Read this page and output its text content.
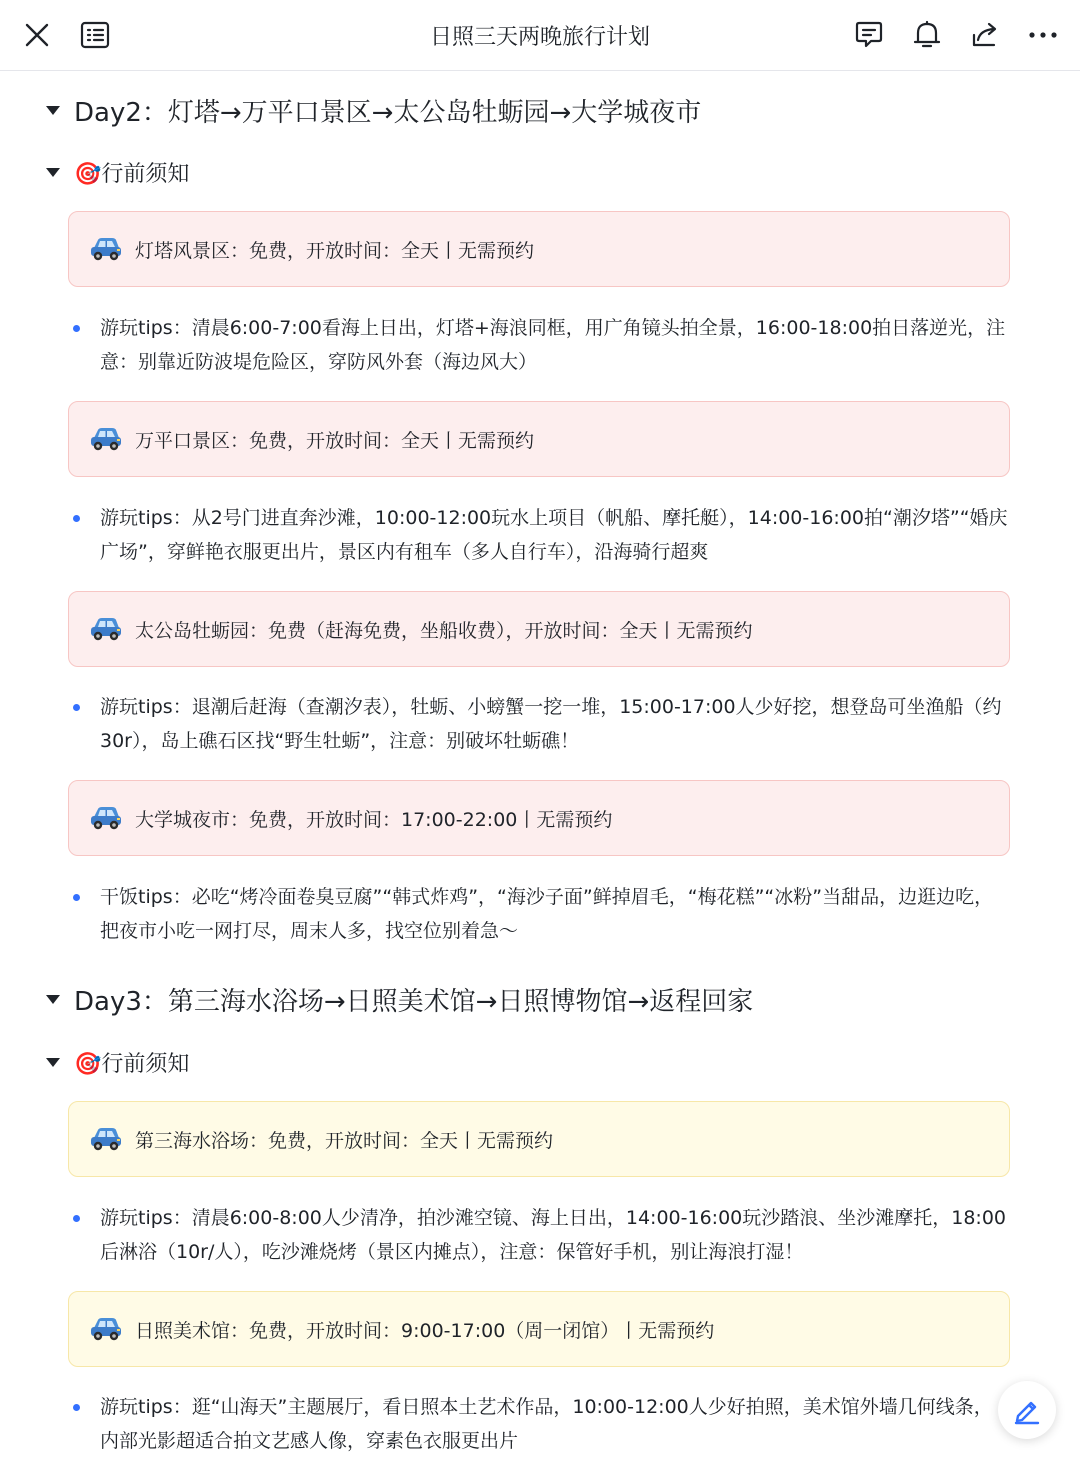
日照三天两晚旅行计划
Day2：灯塔→万平口景区→太公岛牡蛎园→大学城夜市
🎯行前须知
灯塔风景区：免费，开放时间：全天丨无需预约
游玩tips：清晨6:00-7:00看海上日出，灯塔+海浪同框，用广角镜头拍全景，16:00-18:00拍日落逆光，注意：别靠近防波堤危险区，穿防风外套（海边风大）
万平口景区：免费，开放时间：全天丨无需预约
游玩tips：从2号门进直奔沙滩，10:00-12:00玩水上项目（帆船、摩托艇），14:00-16:00拍“潮汐塔”“婚庆广场”，穿鲜艳衣服更出片，景区内有租车（多人自行车），沿海骑行超爽
太公岛牡蛎园：免费（赶海免费，坐船收费），开放时间：全天丨无需预约
游玩tips：退潮后赶海（查潮汐表），牡蛎、小螃蟹一挖一堆，15:00-17:00人少好挖，想登岛可坐渔船（约30r），岛上礁石区找“野生牡蛎”，注意：别破坏牡蛎礁！
大学城夜市：免费，开放时间：17:00-22:00丨无需预约
干饭tips：必吃“烤冷面卷臭豆腐”“韩式炸鸡”，“海沙子面”鲜掉眉毛，“梅花糕”“冰粉”当甜品，边逛边吃，把夜市小吃一网打尽，周末人多，找空位别着急～
Day3：第三海水浴场→日照美术馆→日照博物馆→返程回家
🎯行前须知
第三海水浴场：免费，开放时间：全天丨无需预约
游玩tips：清晨6:00-8:00人少清净，拍沙滩空镜、海上日出，14:00-16:00玩沙踏浪、坐沙滩摩托，18:00后淋浴（10r/人），吃沙滩烧烤（景区内摊点），注意：保管好手机，别让海浪打湿！
日照美术馆：免费，开放时间：9:00-17:00（周一闭馆）丨无需预约
游玩tips：逛“山海天”主题展厅，看日照本土艺术作品，10:00-12:00人少好拍照，美术馆外墙几何线条，内部光影超适合拍文艺感人像，穿素色衣服更出片
